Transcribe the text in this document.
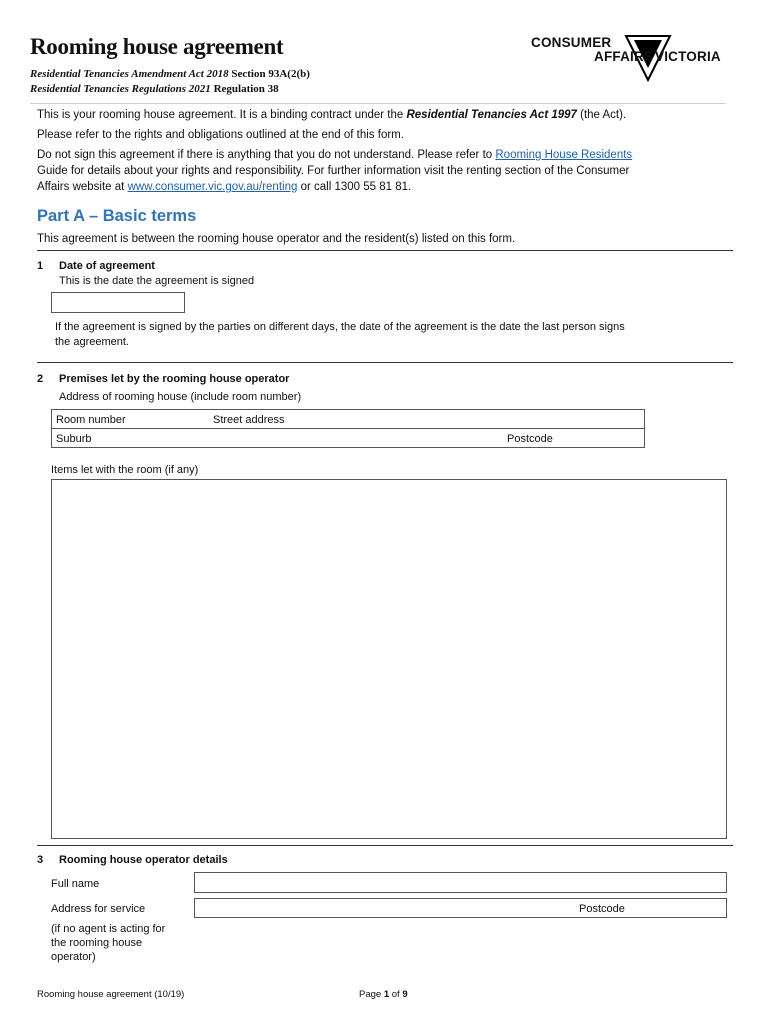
Rooming house agreement
Residential Tenancies Amendment Act 2018 Section 93A(2(b)
Residential Tenancies Regulations 2021 Regulation 38
CONSUMER
AFFAIRS VICTORIA
This is your rooming house agreement. It is a binding contract under the Residential Tenancies Act 1997 (the Act).
Please refer to the rights and obligations outlined at the end of this form.
Do not sign this agreement if there is anything that you do not understand. Please refer to Rooming House Residents
Guide for details about your rights and responsibility. For further information visit the renting section of the Consumer
Affairs website at www.consumer.vic.gov.au/renting or call 1300 55 81 81.
Part A – Basic terms
This agreement is between the rooming house operator and the resident(s) listed on this form.
1 Date of agreement
This is the date the agreement is signed
If the agreement is signed by the parties on different days, the date of the agreement is the date the last person signs
the agreement.
2 Premises let by the rooming house operator
Address of rooming house (include room number)
Room number	Street address
Suburb	Postcode
Items let with the room (if any)
3 Rooming house operator details
Full name
Address for service	Postcode
(if no agent is acting for
the rooming house
operator)
Rooming house agreement (10/19)	Page 1 of 9
